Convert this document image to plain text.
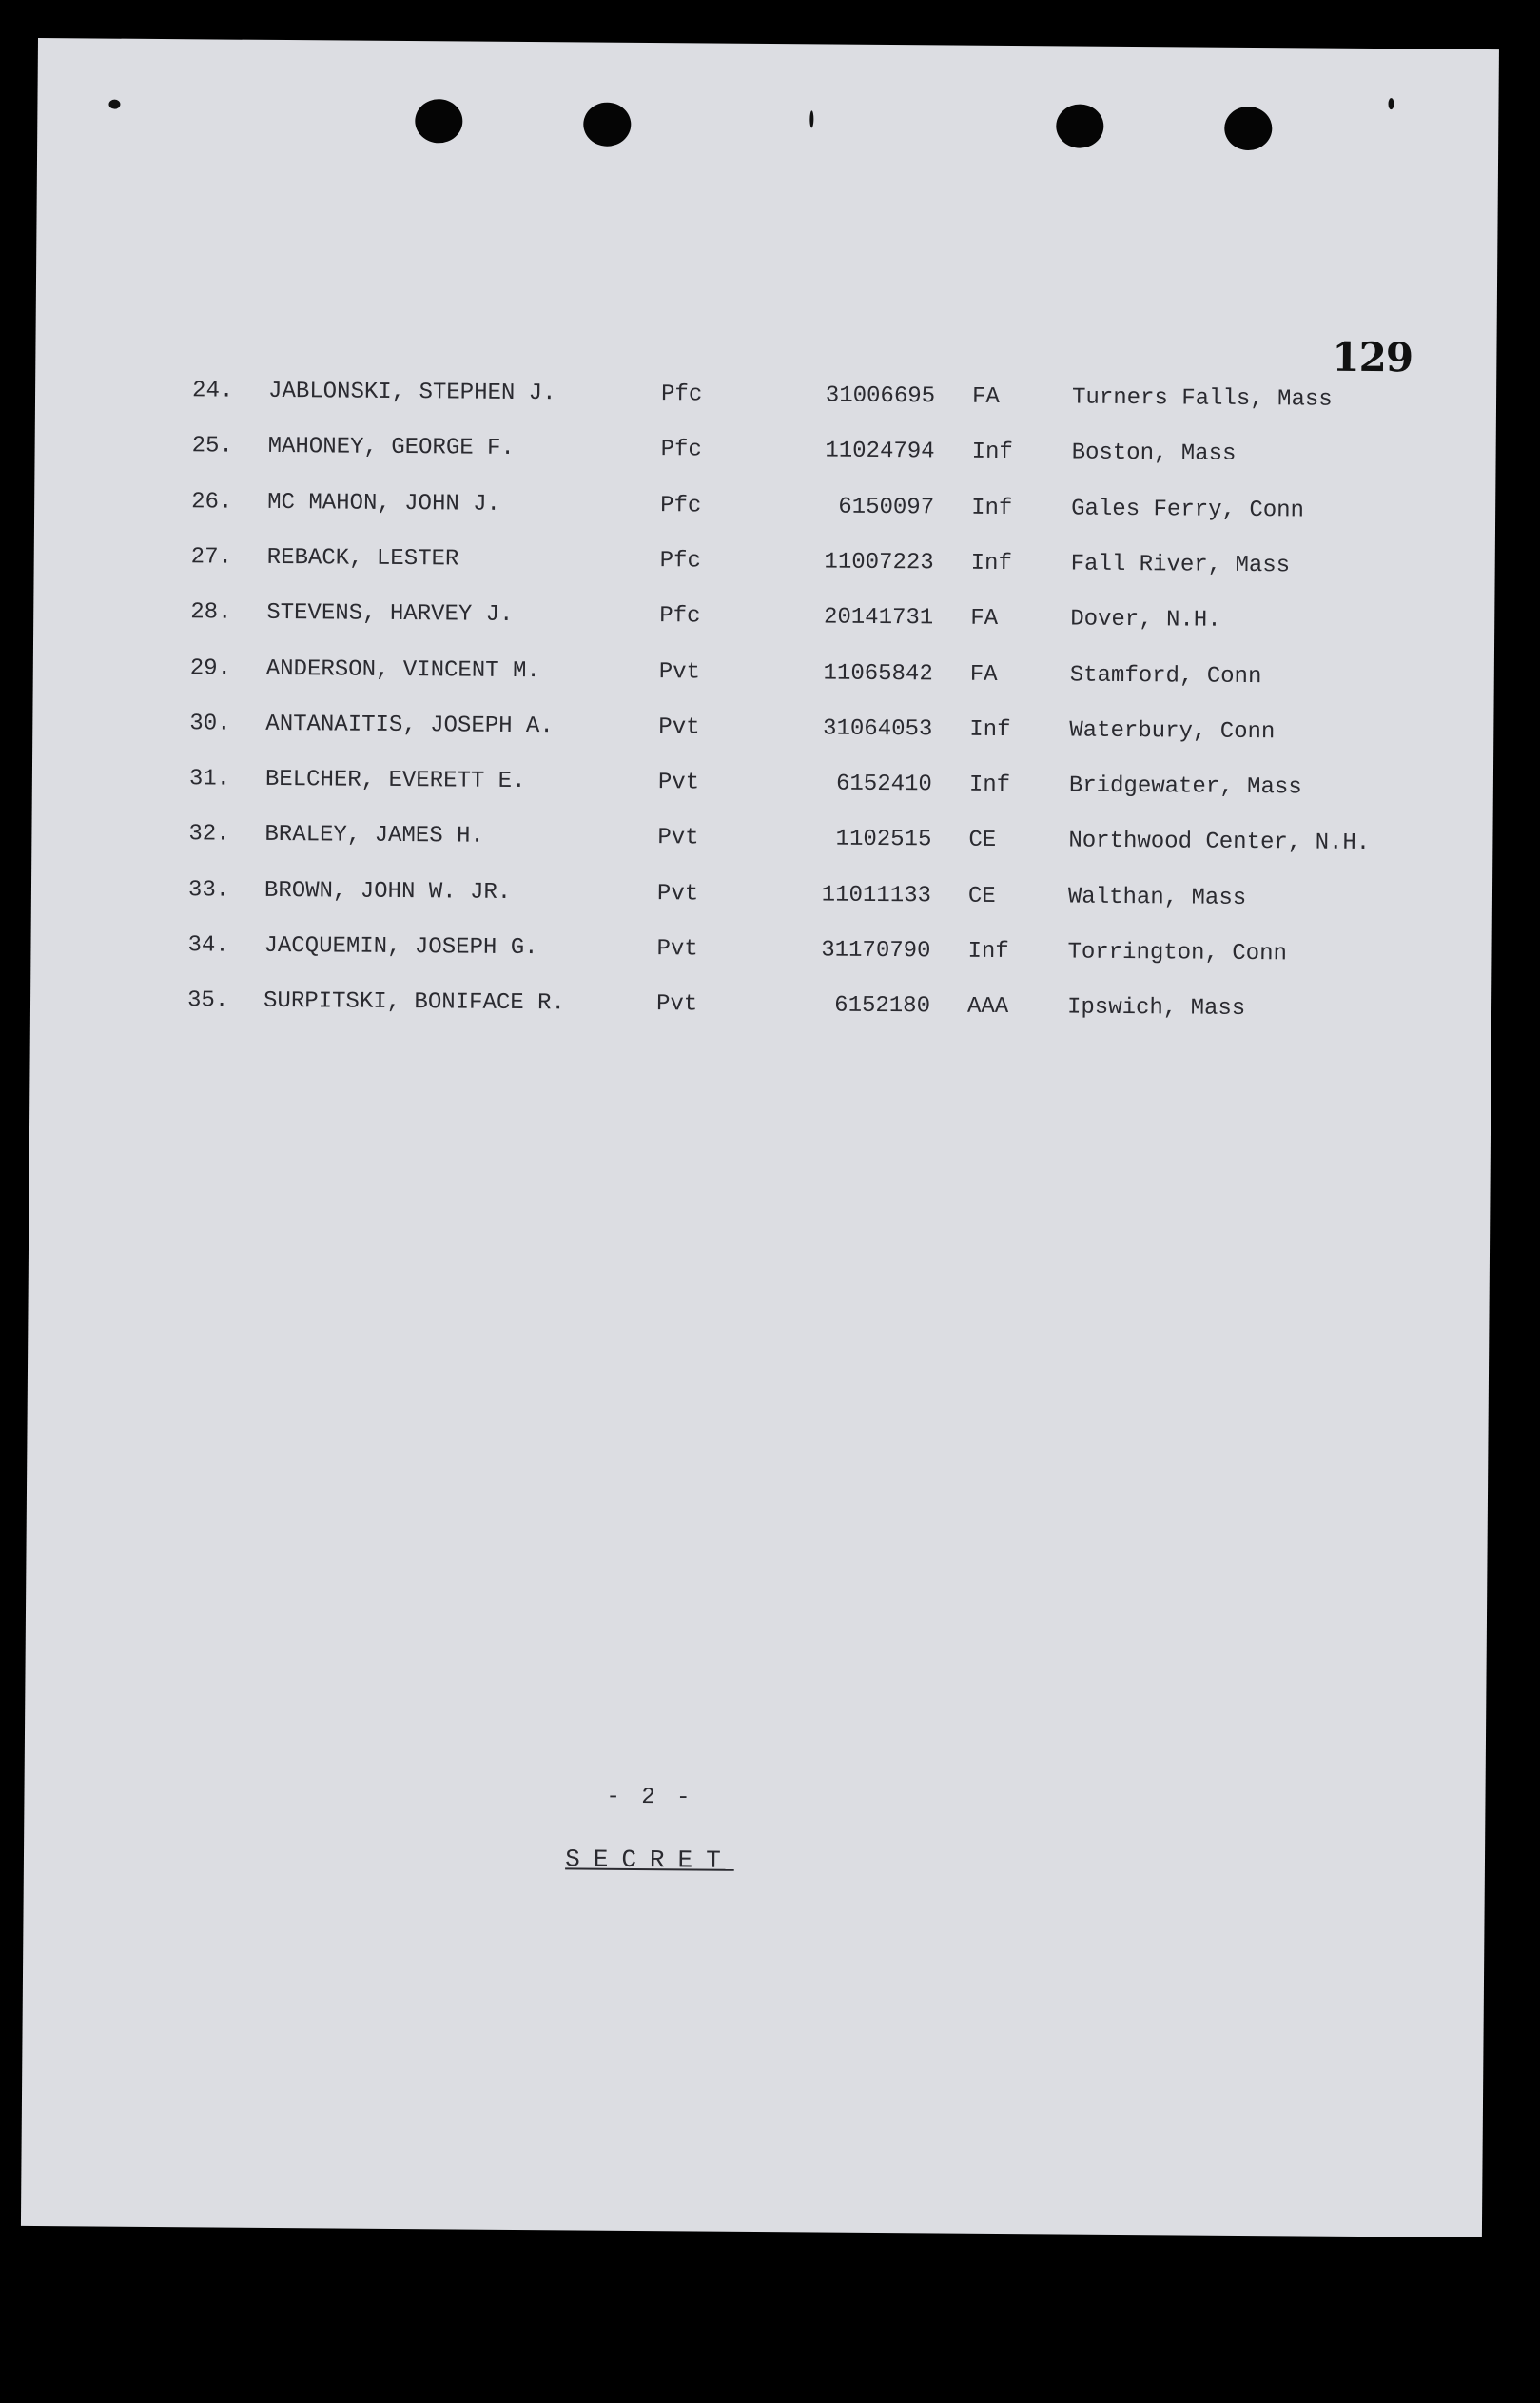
129
24. JABLONSKI, STEPHEN J.	Pfc	31006695 FA	Turners Falls, Mass
25. MAHONEY, GEORGE F.	Pfc	11024794 Inf	Boston, Mass
26. MC MAHON, JOHN J.	Pfc	6150097 Inf	Gales Ferry, Conn
27. REBACK, LESTER	Pfc	11007223 Inf	Fall River, Mass
28. STEVENS, HARVEY J.	Pfc	20141731 FA	Dover, N.H.
29. ANDERSON, VINCENT M.	Pvt	11065842 FA	Stamford, Conn
30. ANTANAITIS, JOSEPH A.	Pvt	31064053 Inf	Waterbury, Conn
31. BELCHER, EVERETT E.	Pvt	6152410 Inf	Bridgewater, Mass
32. BRALEY, JAMES H.	Pvt	1102515 CE	Northwood Center, N.H.
33. BROWN, JOHN W. JR.	Pvt	11011133 CE	Walthan, Mass
34. JACQUEMIN, JOSEPH G.	Pvt	31170790 Inf	Torrington, Conn
35. SURPITSKI, BONIFACE R.	Pvt	6152180 AAA	Ipswich, Mass
- 2 -
SECRET
